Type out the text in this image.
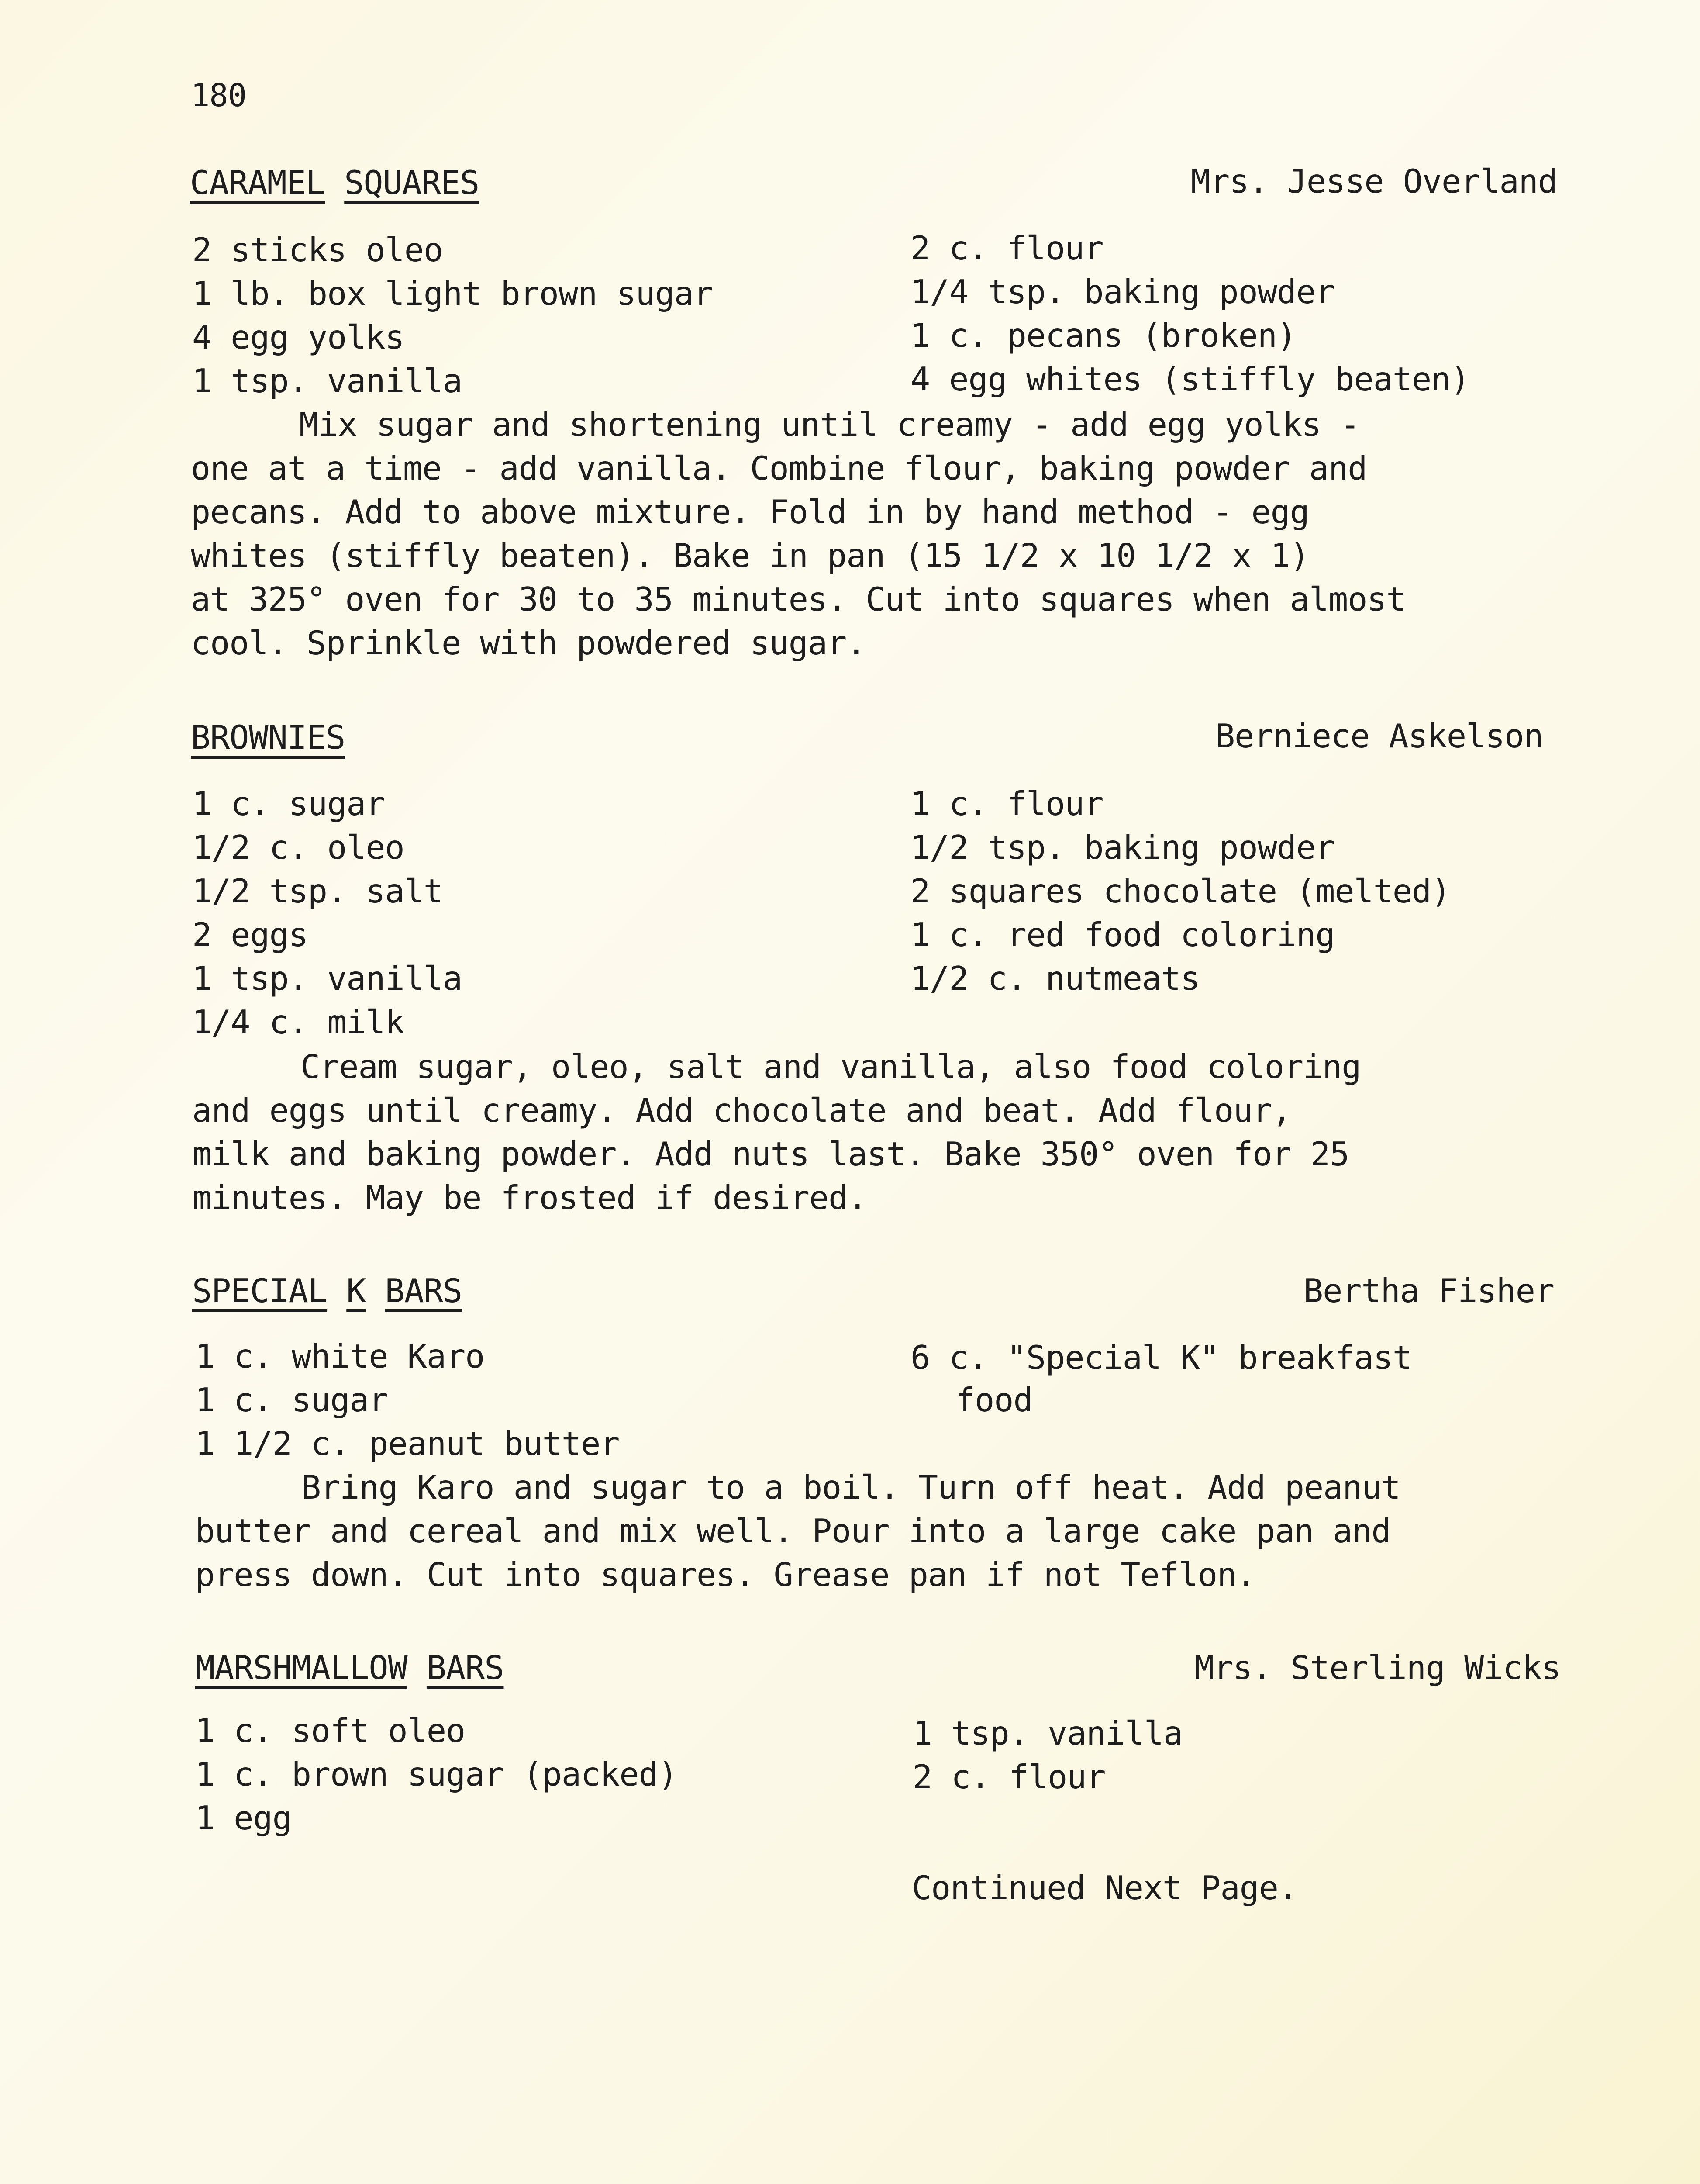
180
CARAMEL SQUARES	Mrs. Jesse Overland
2 sticks oleo
1 lb. box light brown sugar
4 egg yolks
1 tsp. vanilla
2 c. flour
1/4 tsp. baking powder
1 c. pecans (broken)
4 egg whites (stiffly beaten)
Mix sugar and shortening until creamy - add egg yolks -
one at a time - add vanilla. Combine flour, baking powder and
pecans. Add to above mixture. Fold in by hand method - egg
whites (stiffly beaten). Bake in pan (15 1/2 x 10 1/2 x 1)
at 325° oven for 30 to 35 minutes. Cut into squares when almost
cool. Sprinkle with powdered sugar.
BROWNIES	Berniece Askelson
1 c. sugar
1/2 c. oleo
1/2 tsp. salt
2 eggs
1 tsp. vanilla
1/4 c. milk
1 c. flour
1/2 tsp. baking powder
2 squares chocolate (melted)
1 c. red food coloring
1/2 c. nutmeats
Cream sugar, oleo, salt and vanilla, also food coloring
and eggs until creamy. Add chocolate and beat. Add flour,
milk and baking powder. Add nuts last. Bake 350° oven for 25
minutes. May be frosted if desired.
SPECIAL K BARS	Bertha Fisher
1 c. white Karo
1 c. sugar
1 1/2 c. peanut butter
6 c. "Special K" breakfast
food
Bring Karo and sugar to a boil. Turn off heat. Add peanut
butter and cereal and mix well. Pour into a large cake pan and
press down. Cut into squares. Grease pan if not Teflon.
MARSHMALLOW BARS	Mrs. Sterling Wicks
1 c. soft oleo
1 c. brown sugar (packed)
1 egg
1 tsp. vanilla
2 c. flour
Continued Next Page.
